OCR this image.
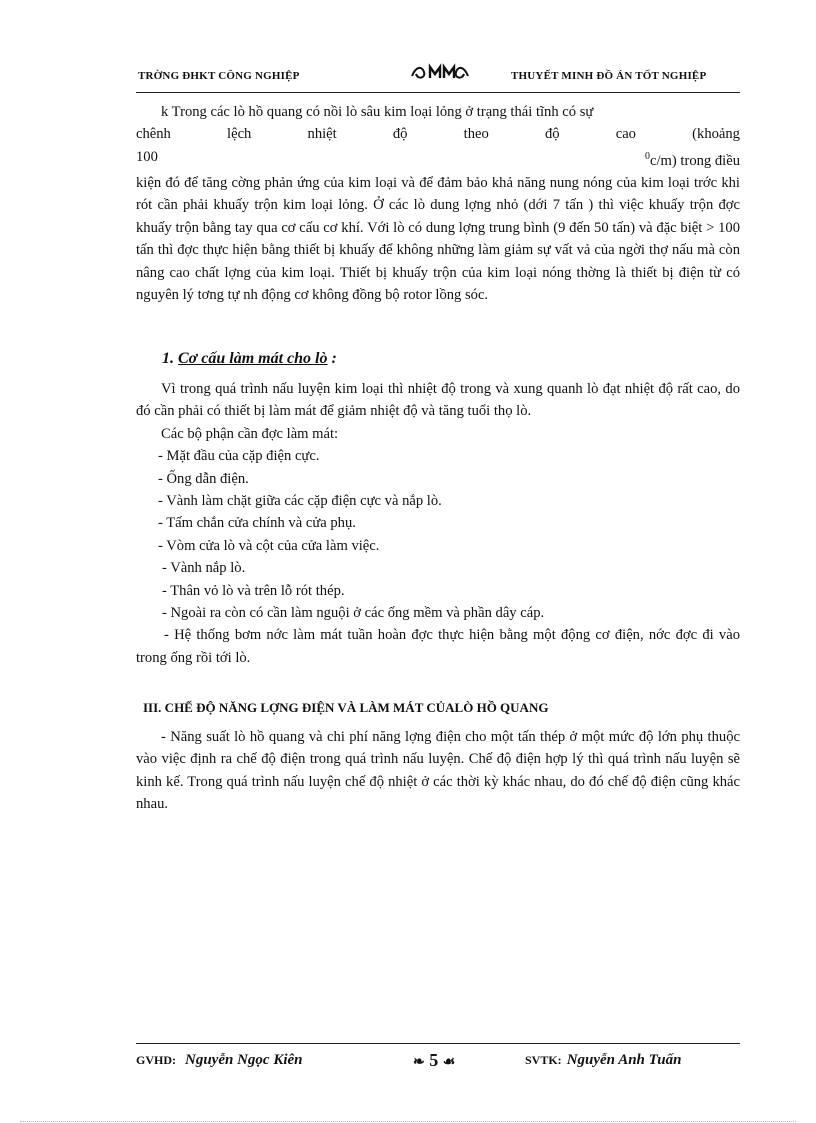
TRỜNG ĐHKT CÔNG NGHIỆP	THUYẾT MINH ĐỒ ÁN TỐT NGHIỆP

k Trong các lò hồ quang có nồi lò sâu kim loại lỏng ở trạng thái tĩnh có sự

chênh	lệch	nhiệt	độ	theo	độ	cao	(khoảng

100	$^0$c/m) trong điều

kiện đó để tăng cờng phản ứng của kim loại và để đảm bảo khả năng nung nóng của kim loại trớc khi rót cần phải khuấy trộn kim loại lỏng. Ở các lò dung lợng nhỏ (dới 7 tấn ) thì việc khuấy trộn đợc khuấy trộn bằng tay qua cơ cấu cơ khí. Với lò có dung lợng trung bình (9 đến 50 tấn) và đặc biệt > 100 tấn thì đợc thực hiện bằng thiết bị khuấy để không những làm giảm sự vất vả của ngời thợ nấu mà còn nâng cao chất lợng của kim loại. Thiết bị khuấy trộn của kim loại nóng thờng là thiết bị điện từ có nguyên lý tơng tự nh động cơ không đồng bộ rotor lồng sóc.

1. Cơ cấu làm mát cho lò :

Vì trong quá trình nấu luyện kim loại thì nhiệt độ trong và xung quanh lò đạt nhiệt độ rất cao, do đó cần phải có thiết bị làm mát để giảm nhiệt độ và tăng tuổi thọ lò.

Các bộ phận cần đợc làm mát:

- Mặt đầu của cặp điện cực.

- Ống dẫn điện.

- Vành làm chặt giữa các cặp điện cực và nắp lò.

- Tấm chắn cửa chính và cửa phụ.

- Vòm cửa lò và cột của cửa làm việc.

- Vành nắp lò.

- Thân vỏ lò và trên lỗ rót thép.

- Ngoài ra còn có cần làm nguội ở các ống mềm và phần dây cáp.

- Hệ thống bơm nớc làm mát tuần hoàn đợc thực hiện bằng một động cơ điện, nớc đợc đi vào trong ống rồi tới lò.

III. CHẾ ĐỘ NĂNG LỢNG ĐIỆN VÀ LÀM MÁT CỦALÒ HỒ QUANG

- Năng suất lò hồ quang và chi phí năng lợng điện cho một tấn thép ở một mức độ lớn phụ thuộc vào việc định ra chế độ điện trong quá trình nấu luyện. Chế độ điện hợp lý thì quá trình nấu luyện sẽ kinh kế. Trong quá trình nấu luyện chế độ nhiệt ở các thời kỳ khác nhau, do đó chế độ điện cũng khác nhau.

GVHD: Nguyễn Ngọc Kiên	❧ 5 ☙	SVTK: Nguyễn Anh Tuấn
